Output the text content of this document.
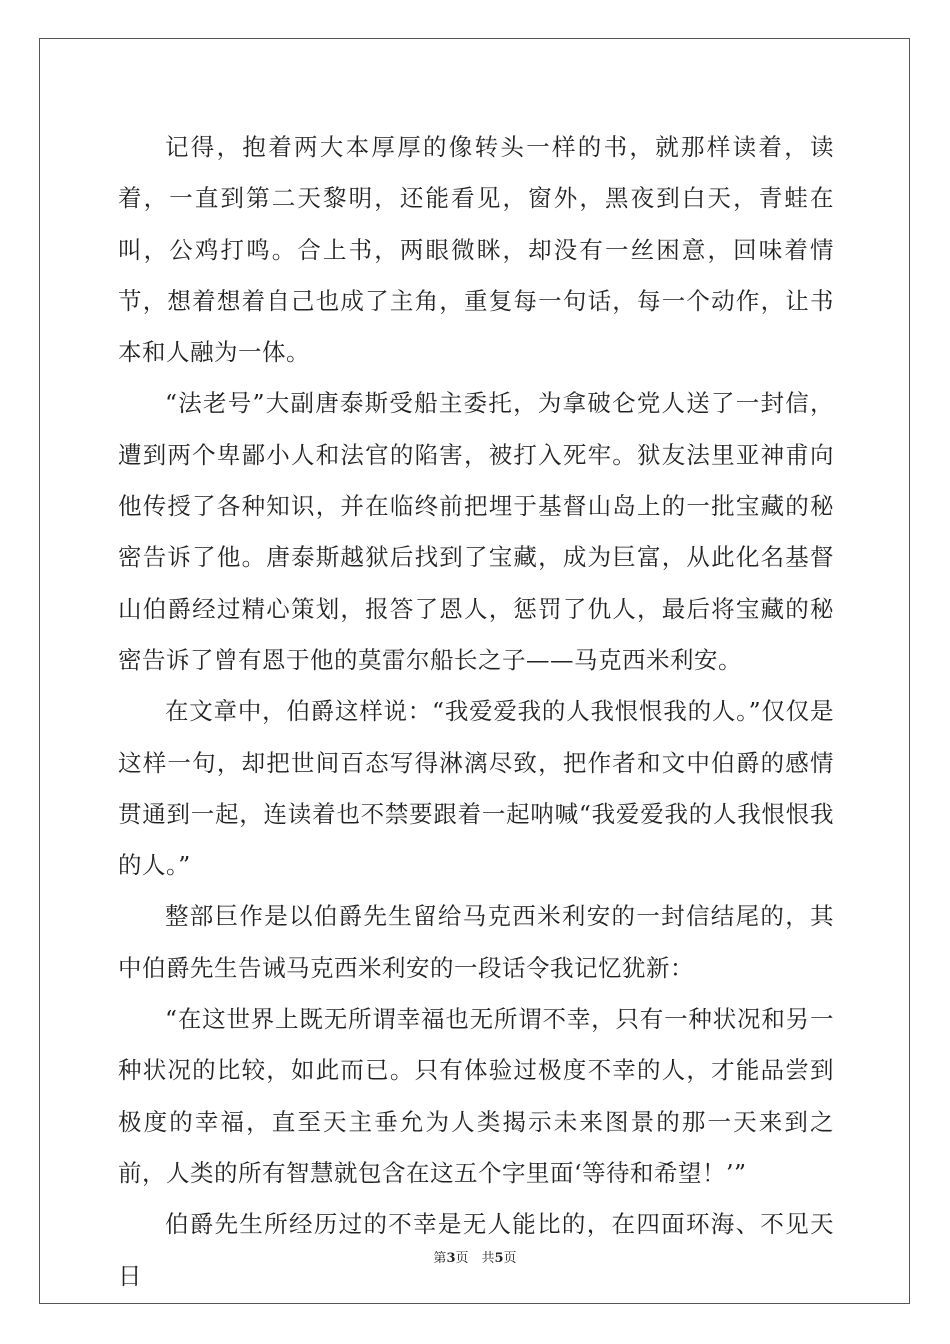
记得，抱着两大本厚厚的像转头一样的书，就那样读着，读着，一直到第二天黎明，还能看见，窗外，黑夜到白天，青蛙在叫，公鸡打鸣。合上书，两眼微眯，却没有一丝困意，回味着情节，想着想着自己也成了主角，重复每一句话，每一个动作，让书本和人融为一体。

“法老号”大副唐泰斯受船主委托，为拿破仑党人送了一封信，遭到两个卑鄙小人和法官的陷害，被打入死牢。狱友法里亚神甫向他传授了各种知识，并在临终前把埋于基督山岛上的一批宝藏的秘密告诉了他。唐泰斯越狱后找到了宝藏，成为巨富，从此化名基督山伯爵经过精心策划，报答了恩人，惩罚了仇人，最后将宝藏的秘密告诉了曾有恩于他的莫雷尔船长之子——马克西米利安。

在文章中，伯爵这样说：“我爱爱我的人我恨恨我的人。”仅仅是这样一句，却把世间百态写得淋漓尽致，把作者和文中伯爵的感情贯通到一起，连读着也不禁要跟着一起呐喊“我爱爱我的人我恨恨我的人。”

整部巨作是以伯爵先生留给马克西米利安的一封信结尾的，其中伯爵先生告诫马克西米利安的一段话令我记忆犹新：

“在这世界上既无所谓幸福也无所谓不幸，只有一种状况和另一种状况的比较，如此而已。只有体验过极度不幸的人，才能品尝到极度的幸福，直至天主垂允为人类揭示未来图景的那一天来到之前，人类的所有智慧就包含在这五个字里面‘等待和希望！’”

伯爵先生所经历过的不幸是无人能比的，在四面环海、不见天日

第3页　共5页
